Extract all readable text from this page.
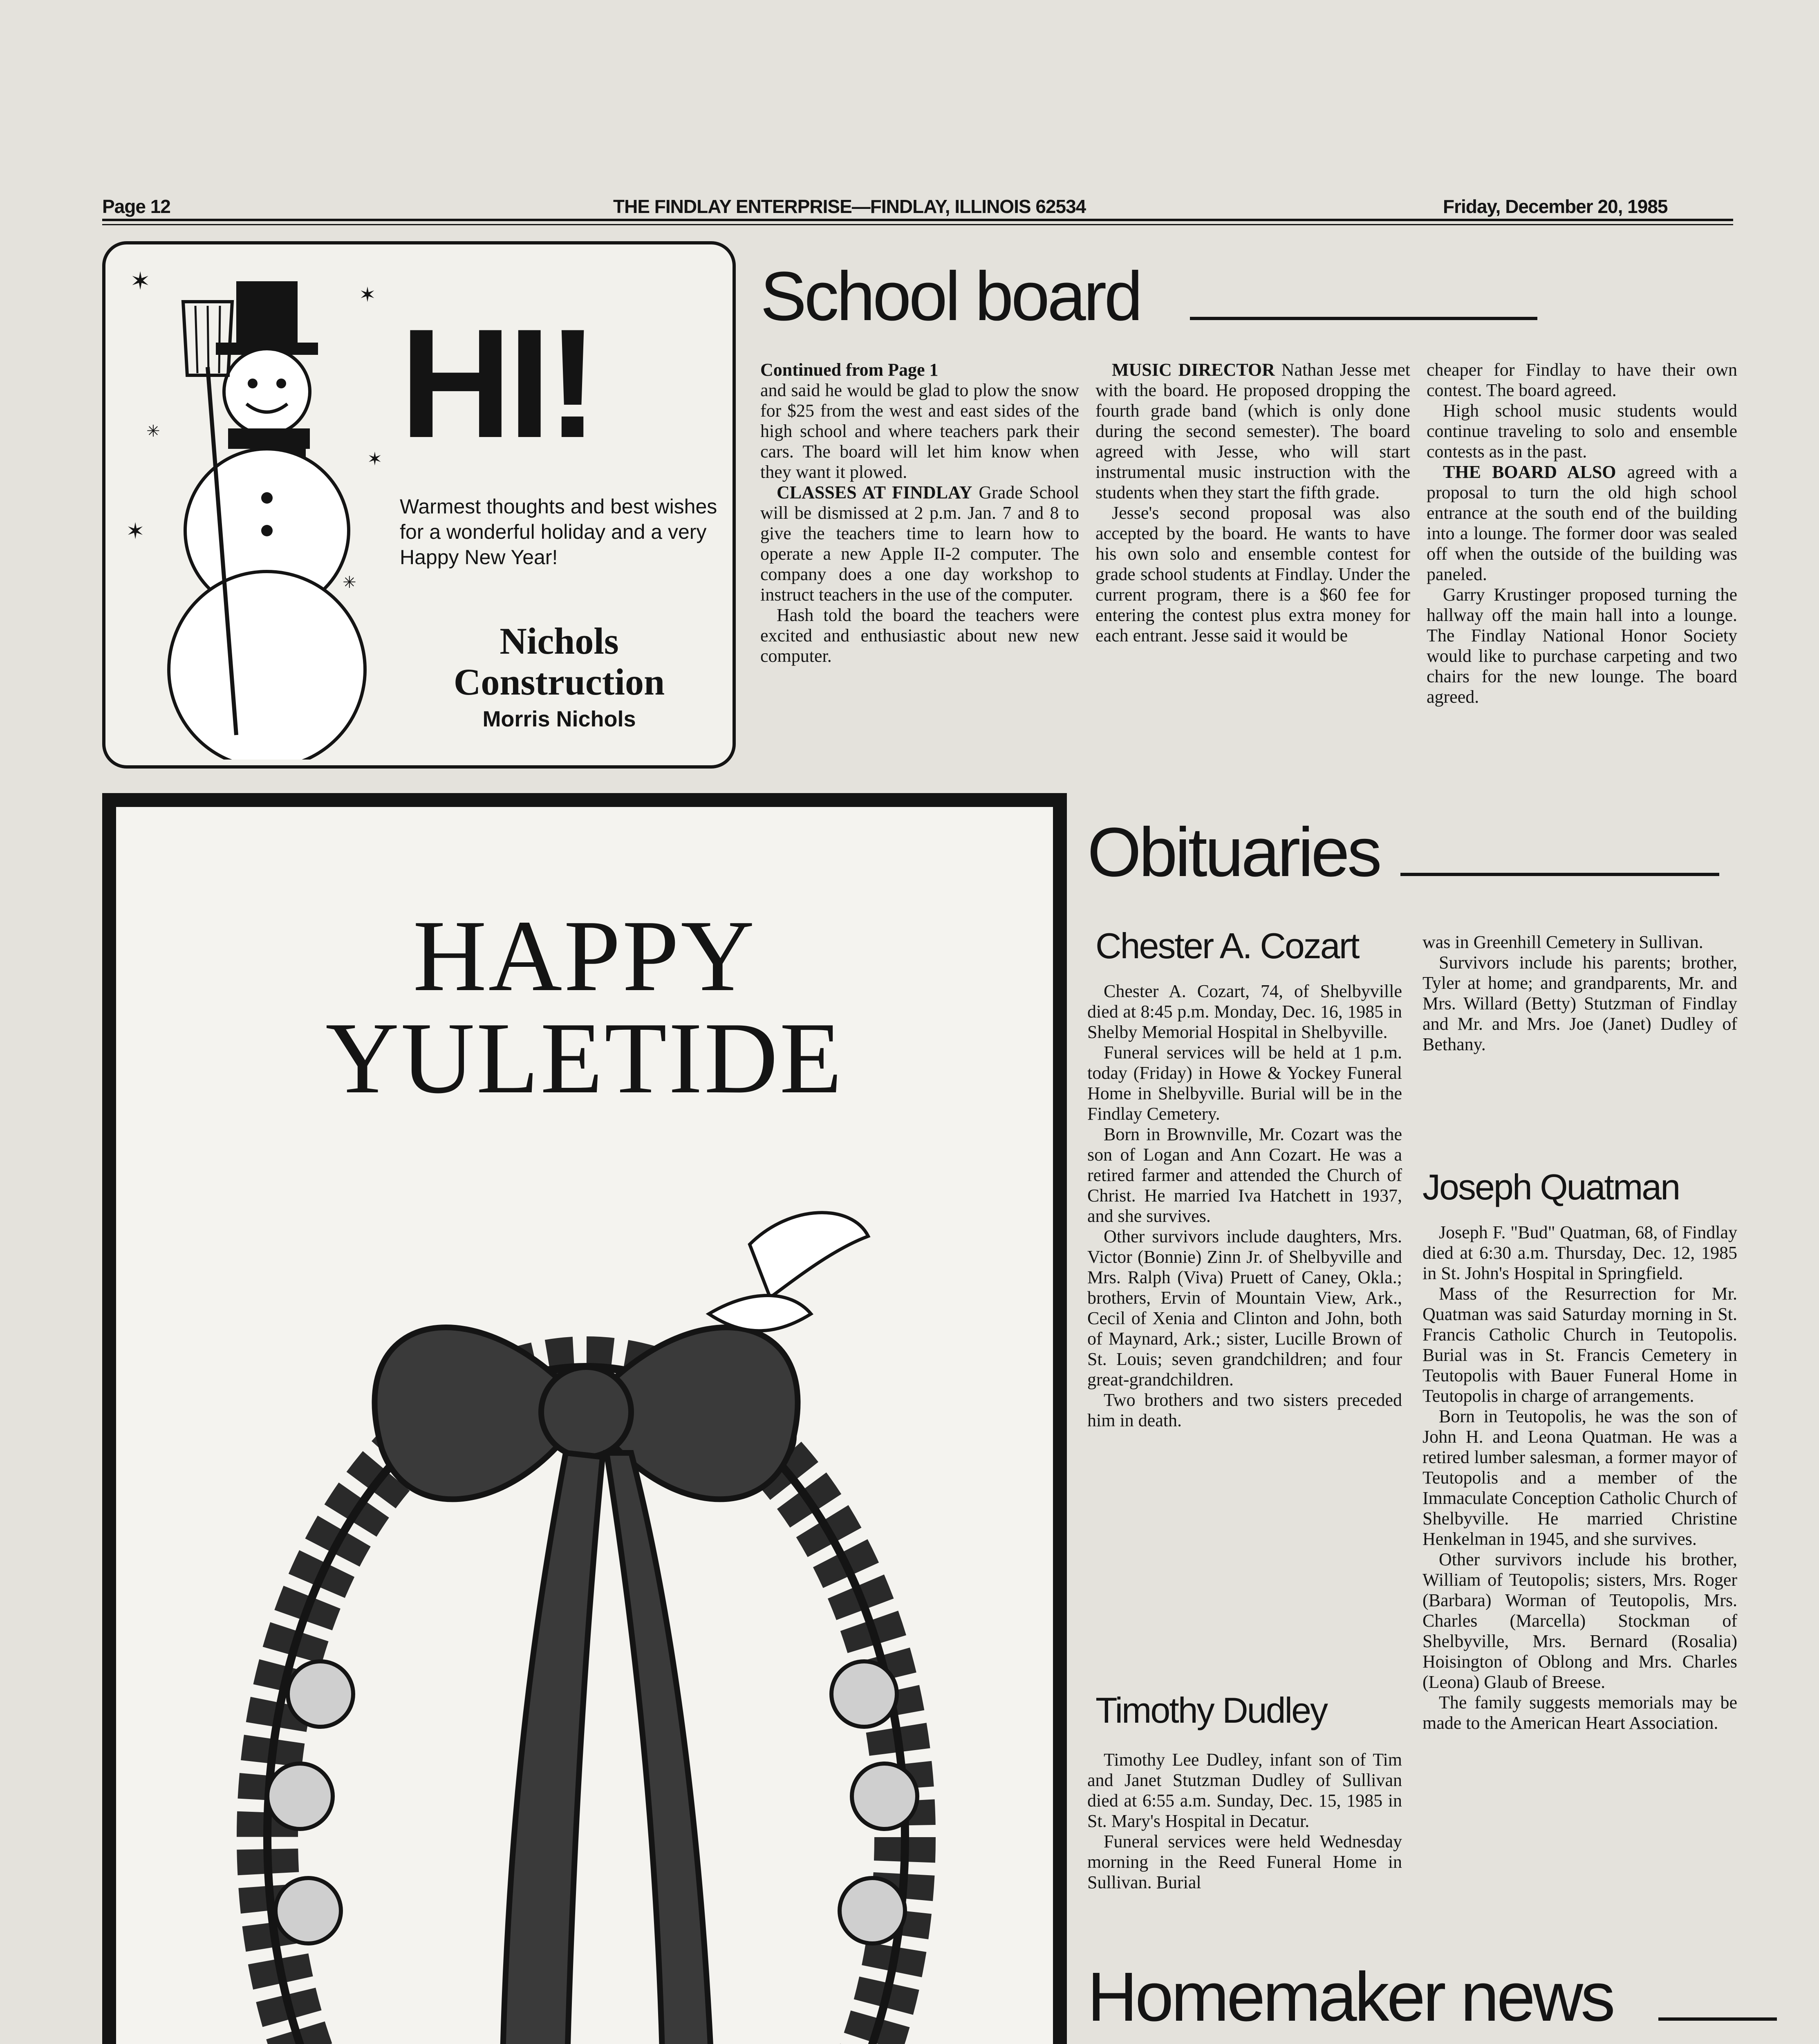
Page 12	THE FINDLAY ENTERPRISE—FINDLAY, ILLINOIS 62534	Friday, December 20, 1985
✶	✶
✶
✶
✳
✳
HI!
Warmest thoughts and best wishes for a wonderful holiday and a very Happy New Year!
Nichols
Construction
Morris Nichols
School board

Continued from Page 1

and said he would be glad to plow the snow for $25 from the west and east sides of the high school and where teachers park their cars. The board will let him know when they want it plowed.

CLASSES AT FINDLAY Grade School will be dismissed at 2 p.m. Jan. 7 and 8 to give the teachers time to learn how to operate a new Apple II-2 computer. The company does a one day workshop to instruct teachers in the use of the computer.

Hash told the board the teachers were excited and enthusiastic about new new computer.

MUSIC DIRECTOR Nathan Jesse met with the board. He proposed dropping the fourth grade band (which is only done during the second semester). The board agreed with Jesse, who will start instrumental music instruction with the students when they start the fifth grade.

Jesse's second proposal was also accepted by the board. He wants to have his own solo and ensemble contest for grade school students at Findlay. Under the current program, there is a $60 fee for entering the contest plus extra money for each entrant. Jesse said it would be

cheaper for Findlay to have their own contest. The board agreed.

High school music students would continue traveling to solo and ensemble contests as in the past.

THE BOARD ALSO agreed with a proposal to turn the old high school entrance at the south end of the building into a lounge. The former door was sealed off when the outside of the building was paneled.

Garry Krustinger proposed turning the hallway off the main hall into a lounge. The Findlay National Honor Society would like to purchase carpeting and two chairs for the new lounge. The board agreed.

HAPPY
YULETIDE
Obituaries
Chester A. Cozart

Chester A. Cozart, 74, of Shelbyville died at 8:45 p.m. Monday, Dec. 16, 1985 in Shelby Memorial Hospital in Shelbyville.

Funeral services will be held at 1 p.m. today (Friday) in Howe & Yockey Funeral Home in Shelbyville. Burial will be in the Findlay Cemetery.

Born in Brownville, Mr. Cozart was the son of Logan and Ann Cozart. He was a retired farmer and attended the Church of Christ. He married Iva Hatchett in 1937, and she survives.

Other survivors include daughters, Mrs. Victor (Bonnie) Zinn Jr. of Shelbyville and Mrs. Ralph (Viva) Pruett of Caney, Okla.; brothers, Ervin of Mountain View, Ark., Cecil of Xenia and Clinton and John, both of Maynard, Ark.; sister, Lucille Brown of St. Louis; seven grandchildren; and four great-grandchildren.

Two brothers and two sisters preceded him in death.

Timothy Dudley

Timothy Lee Dudley, infant son of Tim and Janet Stutzman Dudley of Sullivan died at 6:55 a.m. Sunday, Dec. 15, 1985 in St. Mary's Hospital in Decatur.

Funeral services were held Wednesday morning in the Reed Funeral Home in Sullivan. Burial

was in Greenhill Cemetery in Sullivan.

Survivors include his parents; brother, Tyler at home; and grandparents, Mr. and Mrs. Willard (Betty) Stutzman of Findlay and Mr. and Mrs. Joe (Janet) Dudley of Bethany.

Joseph Quatman

Joseph F. "Bud" Quatman, 68, of Findlay died at 6:30 a.m. Thursday, Dec. 12, 1985 in St. John's Hospital in Springfield.

Mass of the Resurrection for Mr. Quatman was said Saturday morning in St. Francis Catholic Church in Teutopolis. Burial was in St. Francis Cemetery in Teutopolis with Bauer Funeral Home in Teutopolis in charge of arrangements.

Born in Teutopolis, he was the son of John H. and Leona Quatman. He was a retired lumber salesman, a former mayor of Teutopolis and a member of the Immaculate Conception Catholic Church of Shelbyville. He married Christine Henkelman in 1945, and she survives.

Other survivors include his brother, William of Teutopolis; sisters, Mrs. Roger (Barbara) Worman of Teutopolis, Mrs. Charles (Marcella) Stockman of Shelbyville, Mrs. Bernard (Rosalia) Hoisington of Oblong and Mrs. Charles (Leona) Glaub of Breese.

The family suggests memorials may be made to the American Heart Association.

Homemaker news
